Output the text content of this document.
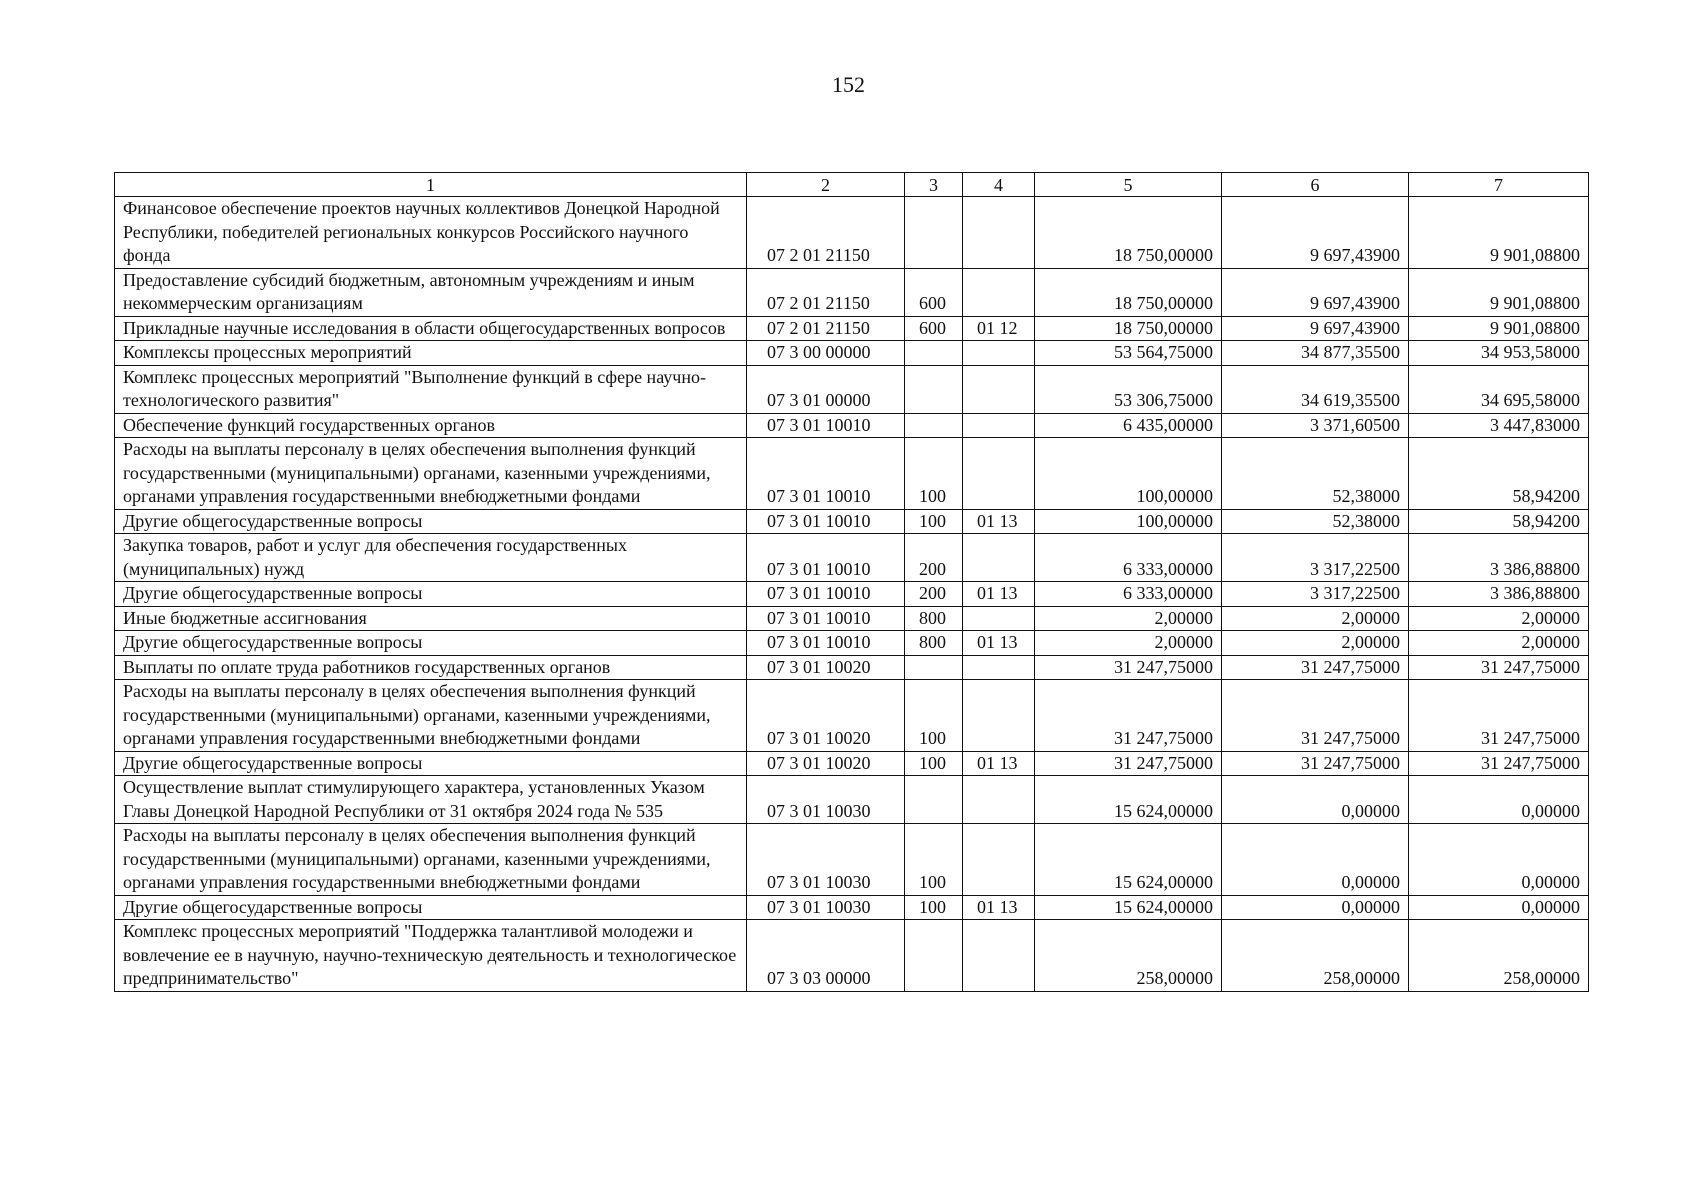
152
1	2	3	4	5	6	7
Финансовое обеспечение проектов научных коллективов Донецкой Народной Республики, победителей региональных конкурсов Российского научного фонда	07 2 01 21150			18 750,00000	9 697,43900	9 901,08800
Предоставление субсидий бюджетным, автономным учреждениям и иным некоммерческим организациям	07 2 01 21150	600		18 750,00000	9 697,43900	9 901,08800
Прикладные научные исследования в области общегосударственных вопросов	07 2 01 21150	600	01 12	18 750,00000	9 697,43900	9 901,08800
Комплексы процессных мероприятий	07 3 00 00000			53 564,75000	34 877,35500	34 953,58000
Комплекс процессных мероприятий "Выполнение функций в сфере научно-технологического развития"	07 3 01 00000			53 306,75000	34 619,35500	34 695,58000
Обеспечение функций государственных органов	07 3 01 10010			6 435,00000	3 371,60500	3 447,83000
Расходы на выплаты персоналу в целях обеспечения выполнения функций государственными (муниципальными) органами, казенными учреждениями, органами управления государственными внебюджетными фондами	07 3 01 10010	100		100,00000	52,38000	58,94200
Другие общегосударственные вопросы	07 3 01 10010	100	01 13	100,00000	52,38000	58,94200
Закупка товаров, работ и услуг для обеспечения государственных (муниципальных) нужд	07 3 01 10010	200		6 333,00000	3 317,22500	3 386,88800
Другие общегосударственные вопросы	07 3 01 10010	200	01 13	6 333,00000	3 317,22500	3 386,88800
Иные бюджетные ассигнования	07 3 01 10010	800		2,00000	2,00000	2,00000
Другие общегосударственные вопросы	07 3 01 10010	800	01 13	2,00000	2,00000	2,00000
Выплаты по оплате труда работников государственных органов	07 3 01 10020			31 247,75000	31 247,75000	31 247,75000
Расходы на выплаты персоналу в целях обеспечения выполнения функций государственными (муниципальными) органами, казенными учреждениями, органами управления государственными внебюджетными фондами	07 3 01 10020	100		31 247,75000	31 247,75000	31 247,75000
Другие общегосударственные вопросы	07 3 01 10020	100	01 13	31 247,75000	31 247,75000	31 247,75000
Осуществление выплат стимулирующего характера, установленных Указом Главы Донецкой Народной Республики от 31 октября 2024 года № 535	07 3 01 10030			15 624,00000	0,00000	0,00000
Расходы на выплаты персоналу в целях обеспечения выполнения функций государственными (муниципальными) органами, казенными учреждениями, органами управления государственными внебюджетными фондами	07 3 01 10030	100		15 624,00000	0,00000	0,00000
Другие общегосударственные вопросы	07 3 01 10030	100	01 13	15 624,00000	0,00000	0,00000
Комплекс процессных мероприятий "Поддержка талантливой молодежи и вовлечение ее в научную, научно-техническую деятельность и технологическое предпринимательство"	07 3 03 00000			258,00000	258,00000	258,00000
